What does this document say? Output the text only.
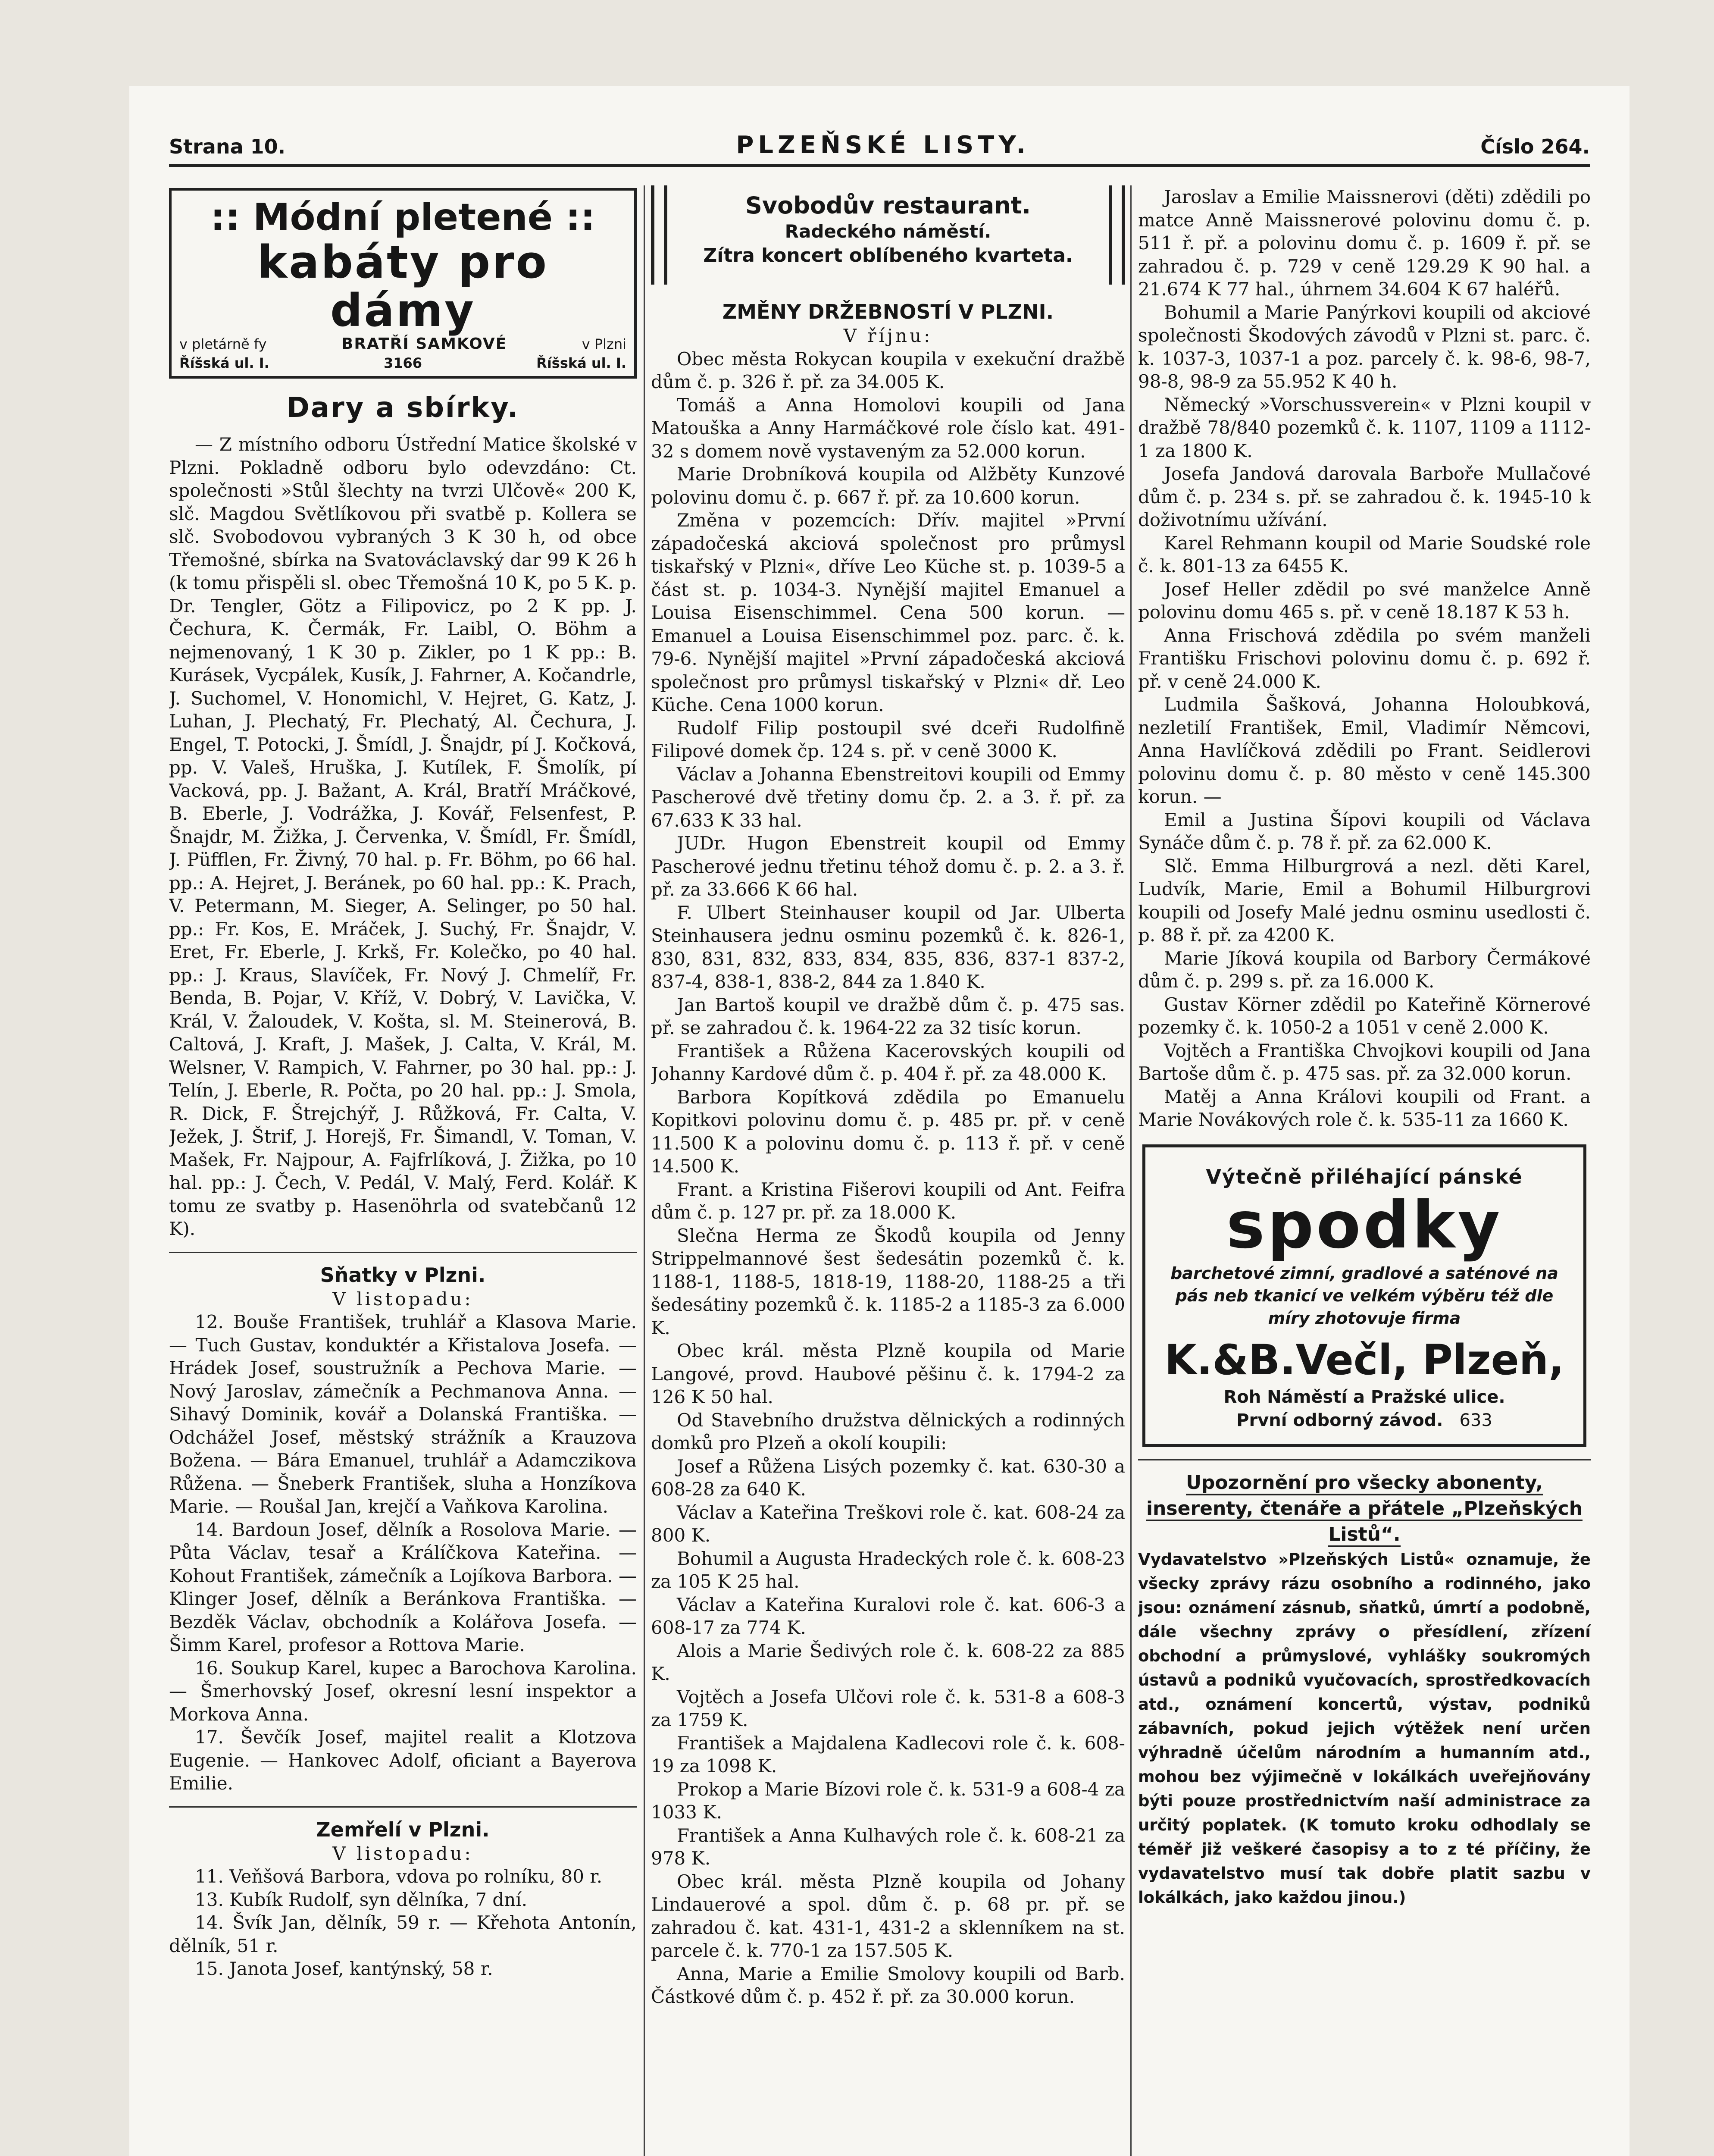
Strana 10.	PLZEŇSKÉ LISTY.	Číslo 264.
:: Módní pletené ::
kabáty pro dámy
v pletárně fy	BRATŘÍ SAMKOVÉ	v Plzni
Říšská ul. I.	3166	Říšská ul. I.
Dary a sbírky.

— Z místního odboru Ústřední Matice školské v Plzni. Pokladně odboru bylo odevzdáno: Ct. společnosti »Stůl šlechty na tvrzi Ulčově« 200 K, slč. Magdou Světlíkovou při svatbě p. Kollera se slč. Svobodovou vybraných 3 K 30 h, od obce Třemošné, sbírka na Svatováclavský dar 99 K 26 h (k tomu přispěli sl. obec Třemošná 10 K, po 5 K. p. Dr. Tengler, Götz a Filipovicz, po 2 K pp. J. Čechura, K. Čermák, Fr. Laibl, O. Böhm a nejmenovaný, 1 K 30 p. Zikler, po 1 K pp.: B. Kurásek, Vycpálek, Kusík, J. Fahrner, A. Kočandrle, J. Suchomel, V. Honomichl, V. Hejret, G. Katz, J. Luhan, J. Plechatý, Fr. Plechatý, Al. Čechura, J. Engel, T. Potocki, J. Šmídl, J. Šnajdr, pí J. Kočková, pp. V. Valeš, Hruška, J. Kutílek, F. Šmolík, pí Vacková, pp. J. Bažant, A. Král, Bratří Mráčkové, B. Eberle, J. Vodrážka, J. Kovář, Felsenfest, P. Šnajdr, M. Žižka, J. Červenka, V. Šmídl, Fr. Šmídl, J. Püfflen, Fr. Živný, 70 hal. p. Fr. Böhm, po 66 hal. pp.: A. Hejret, J. Beránek, po 60 hal. pp.: K. Prach, V. Petermann, M. Sieger, A. Selinger, po 50 hal. pp.: Fr. Kos, E. Mráček, J. Suchý, Fr. Šnajdr, V. Eret, Fr. Eberle, J. Krkš, Fr. Kolečko, po 40 hal. pp.: J. Kraus, Slavíček, Fr. Nový J. Chmelíř, Fr. Benda, B. Pojar, V. Kříž, V. Dobrý, V. Lavička, V. Král, V. Žaloudek, V. Košta, sl. M. Steinerová, B. Caltová, J. Kraft, J. Mašek, J. Calta, V. Král, M. Welsner, V. Rampich, V. Fahrner, po 30 hal. pp.: J. Telín, J. Eberle, R. Počta, po 20 hal. pp.: J. Smola, R. Dick, F. Štrejchýř, J. Růžková, Fr. Calta, V. Ježek, J. Štrif, J. Horejš, Fr. Šimandl, V. Toman, V. Mašek, Fr. Najpour, A. Fajfrlíková, J. Žižka, po 10 hal. pp.: J. Čech, V. Pedál, V. Malý, Ferd. Kolář. K tomu ze svatby p. Hasenöhrla od svatebčanů 12 K).

Sňatky v Plzni.

V listopadu:

12. Bouše František, truhlář a Klasova Marie. — Tuch Gustav, konduktér a Křistalova Josefa. — Hrádek Josef, soustružník a Pechova Marie. — Nový Jaroslav, zámečník a Pechmanova Anna. — Sihavý Dominik, kovář a Dolanská Františka. — Odchážel Josef, městský strážník a Krauzova Božena. — Bára Emanuel, truhlář a Adamczikova Růžena. — Šneberk František, sluha a Honzíkova Marie. — Roušal Jan, krejčí a Vaňkova Karolina.

14. Bardoun Josef, dělník a Rosolova Marie. — Půta Václav, tesař a Králíčkova Kateřina. — Kohout František, zámečník a Lojíkova Barbora. — Klinger Josef, dělník a Beránkova Františka. — Bezděk Václav, obchodník a Kolářova Josefa. — Šimm Karel, profesor a Rottova Marie.

16. Soukup Karel, kupec a Barochova Karolina. — Šmerhovský Josef, okresní lesní inspektor a Morkova Anna.

17. Ševčík Josef, majitel realit a Klotzova Eugenie. — Hankovec Adolf, oficiant a Bayerova Emilie.

Zemřelí v Plzni.

V listopadu:

11. Veňšová Barbora, vdova po rolníku, 80 r.

13. Kubík Rudolf, syn dělníka, 7 dní.

14. Švík Jan, dělník, 59 r. — Křehota Antonín, dělník, 51 r.

15. Janota Josef, kantýnský, 58 r.

Svobodův restaurant.
Radeckého náměstí.
Zítra koncert oblíbeného kvarteta.
ZMĚNY DRŽEBNOSTÍ V PLZNI.

V říjnu:

Obec města Rokycan koupila v exekuční dražbě dům č. p. 326 ř. př. za 34.005 K.

Tomáš a Anna Homolovi koupili od Jana Matouška a Anny Harmáčkové role číslo kat. 491-32 s domem nově vystaveným za 52.000 korun.

Marie Drobníková koupila od Alžběty Kunzové polovinu domu č. p. 667 ř. př. za 10.600 korun.

Změna v pozemcích: Dřív. majitel »První západočeská akciová společnost pro průmysl tiskařský v Plzni«, dříve Leo Küche st. p. 1039-5 a část st. p. 1034-3. Nynější majitel Emanuel a Louisa Eisenschimmel. Cena 500 korun. — Emanuel a Louisa Eisenschimmel poz. parc. č. k. 79-6. Nynější majitel »První západočeská akciová společnost pro průmysl tiskařský v Plzni« dř. Leo Küche. Cena 1000 korun.

Rudolf Filip postoupil své dceři Rudolfině Filipové domek čp. 124 s. př. v ceně 3000 K.

Václav a Johanna Ebenstreitovi koupili od Emmy Pascherové dvě třetiny domu čp. 2. a 3. ř. př. za 67.633 K 33 hal.

JUDr. Hugon Ebenstreit koupil od Emmy Pascherové jednu třetinu téhož domu č. p. 2. a 3. ř. př. za 33.666 K 66 hal.

F. Ulbert Steinhauser koupil od Jar. Ulberta Steinhausera jednu osminu pozemků č. k. 826-1, 830, 831, 832, 833, 834, 835, 836, 837-1 837-2, 837-4, 838-1, 838-2, 844 za 1.840 K.

Jan Bartoš koupil ve dražbě dům č. p. 475 sas. př. se zahradou č. k. 1964-22 za 32 tisíc korun.

František a Růžena Kacerovských koupili od Johanny Kardové dům č. p. 404 ř. př. za 48.000 K.

Barbora Kopítková zdědila po Emanuelu Kopitkovi polovinu domu č. p. 485 pr. př. v ceně 11.500 K a polovinu domu č. p. 113 ř. př. v ceně 14.500 K.

Frant. a Kristina Fišerovi koupili od Ant. Feifra dům č. p. 127 pr. př. za 18.000 K.

Slečna Herma ze Škodů koupila od Jenny Strippelmannové šest šedesátin pozemků č. k. 1188-1, 1188-5, 1818-19, 1188-20, 1188-25 a tři šedesátiny pozemků č. k. 1185-2 a 1185-3 za 6.000 K.

Obec král. města Plzně koupila od Marie Langové, provd. Haubové pěšinu č. k. 1794-2 za 126 K 50 hal.

Od Stavebního družstva dělnických a rodinných domků pro Plzeň a okolí koupili:

Josef a Růžena Lisých pozemky č. kat. 630-30 a 608-28 za 640 K.

Václav a Kateřina Treškovi role č. kat. 608-24 za 800 K.

Bohumil a Augusta Hradeckých role č. k. 608-23 za 105 K 25 hal.

Václav a Kateřina Kuralovi role č. kat. 606-3 a 608-17 za 774 K.

Alois a Marie Šedivých role č. k. 608-22 za 885 K.

Vojtěch a Josefa Ulčovi role č. k. 531-8 a 608-3 za 1759 K.

František a Majdalena Kadlecovi role č. k. 608-19 za 1098 K.

Prokop a Marie Bízovi role č. k. 531-9 a 608-4 za 1033 K.

František a Anna Kulhavých role č. k. 608-21 za 978 K.

Obec král. města Plzně koupila od Johany Lindauerové a spol. dům č. p. 68 pr. př. se zahradou č. kat. 431-1, 431-2 a sklenníkem na st. parcele č. k. 770-1 za 157.505 K.

Anna, Marie a Emilie Smolovy koupili od Barb. Částkové dům č. p. 452 ř. př. za 30.000 korun.

Jaroslav a Emilie Maissnerovi (děti) zdědili po matce Anně Maissnerové polovinu domu č. p. 511 ř. př. a polovinu domu č. p. 1609 ř. př. se zahradou č. p. 729 v ceně 129.29 K 90 hal. a 21.674 K 77 hal., úhrnem 34.604 K 67 haléřů.

Bohumil a Marie Panýrkovi koupili od akciové společnosti Škodových závodů v Plzni st. parc. č. k. 1037-3, 1037-1 a poz. parcely č. k. 98-6, 98-7, 98-8, 98-9 za 55.952 K 40 h.

Německý »Vorschussverein« v Plzni koupil v dražbě 78/840 pozemků č. k. 1107, 1109 a 1112-1 za 1800 K.

Josefa Jandová darovala Barboře Mullačové dům č. p. 234 s. př. se zahradou č. k. 1945-10 k doživotnímu užívání.

Karel Rehmann koupil od Marie Soudské role č. k. 801-13 za 6455 K.

Josef Heller zdědil po své manželce Anně polovinu domu 465 s. př. v ceně 18.187 K 53 h.

Anna Frischová zdědila po svém manželi Františku Frischovi polovinu domu č. p. 692 ř. př. v ceně 24.000 K.

Ludmila Šašková, Johanna Holoubková, nezletilí František, Emil, Vladimír Němcovi, Anna Havlíčková zdědili po Frant. Seidlerovi polovinu domu č. p. 80 město v ceně 145.300 korun. —

Emil a Justina Šípovi koupili od Václava Synáče dům č. p. 78 ř. př. za 62.000 K.

Slč. Emma Hilburgrová a nezl. děti Karel, Ludvík, Marie, Emil a Bohumil Hilburgrovi koupili od Josefy Malé jednu osminu usedlosti č. p. 88 ř. př. za 4200 K.

Marie Jíková koupila od Barbory Čermákové dům č. p. 299 s. př. za 16.000 K.

Gustav Körner zdědil po Kateřině Körnerové pozemky č. k. 1050-2 a 1051 v ceně 2.000 K.

Vojtěch a Františka Chvojkovi koupili od Jana Bartoše dům č. p. 475 sas. př. za 32.000 korun.

Matěj a Anna Královi koupili od Frant. a Marie Novákových role č. k. 535-11 za 1660 K.

Výtečně přiléhající pánské
spodky
barchetové zimní, gradlové a saténové na pás neb tkanicí ve velkém výběru též dle míry zhotovuje firma
K.&B.Večl, Plzeň,
Roh Náměstí a Pražské ulice.
První odborný závod. 633
Upozornění pro všecky abonenty, inserenty, čtenáře a přátele „Plzeňských Listů“.

Vydavatelstvo »Plzeňských Listů« oznamuje, že všecky zprávy rázu osobního a rodinného, jako jsou: oznámení zásnub, sňatků, úmrtí a podobně, dále všechny zprávy o přesídlení, zřízení obchodní a průmyslové, vyhlášky soukromých ústavů a podniků vyučovacích, sprostředkovacích atd., oznámení koncertů, výstav, podniků zábavních, pokud jejich výtěžek není určen výhradně účelům národním a humanním atd., mohou bez výjimečně v lokálkách uveřejňovány býti pouze prostřednictvím naší administrace za určitý poplatek. (K tomuto kroku odhodlaly se téměř již veškeré časopisy a to z té příčiny, že vydavatelstvo musí tak dobře platit sazbu v lokálkách, jako každou jinou.)
